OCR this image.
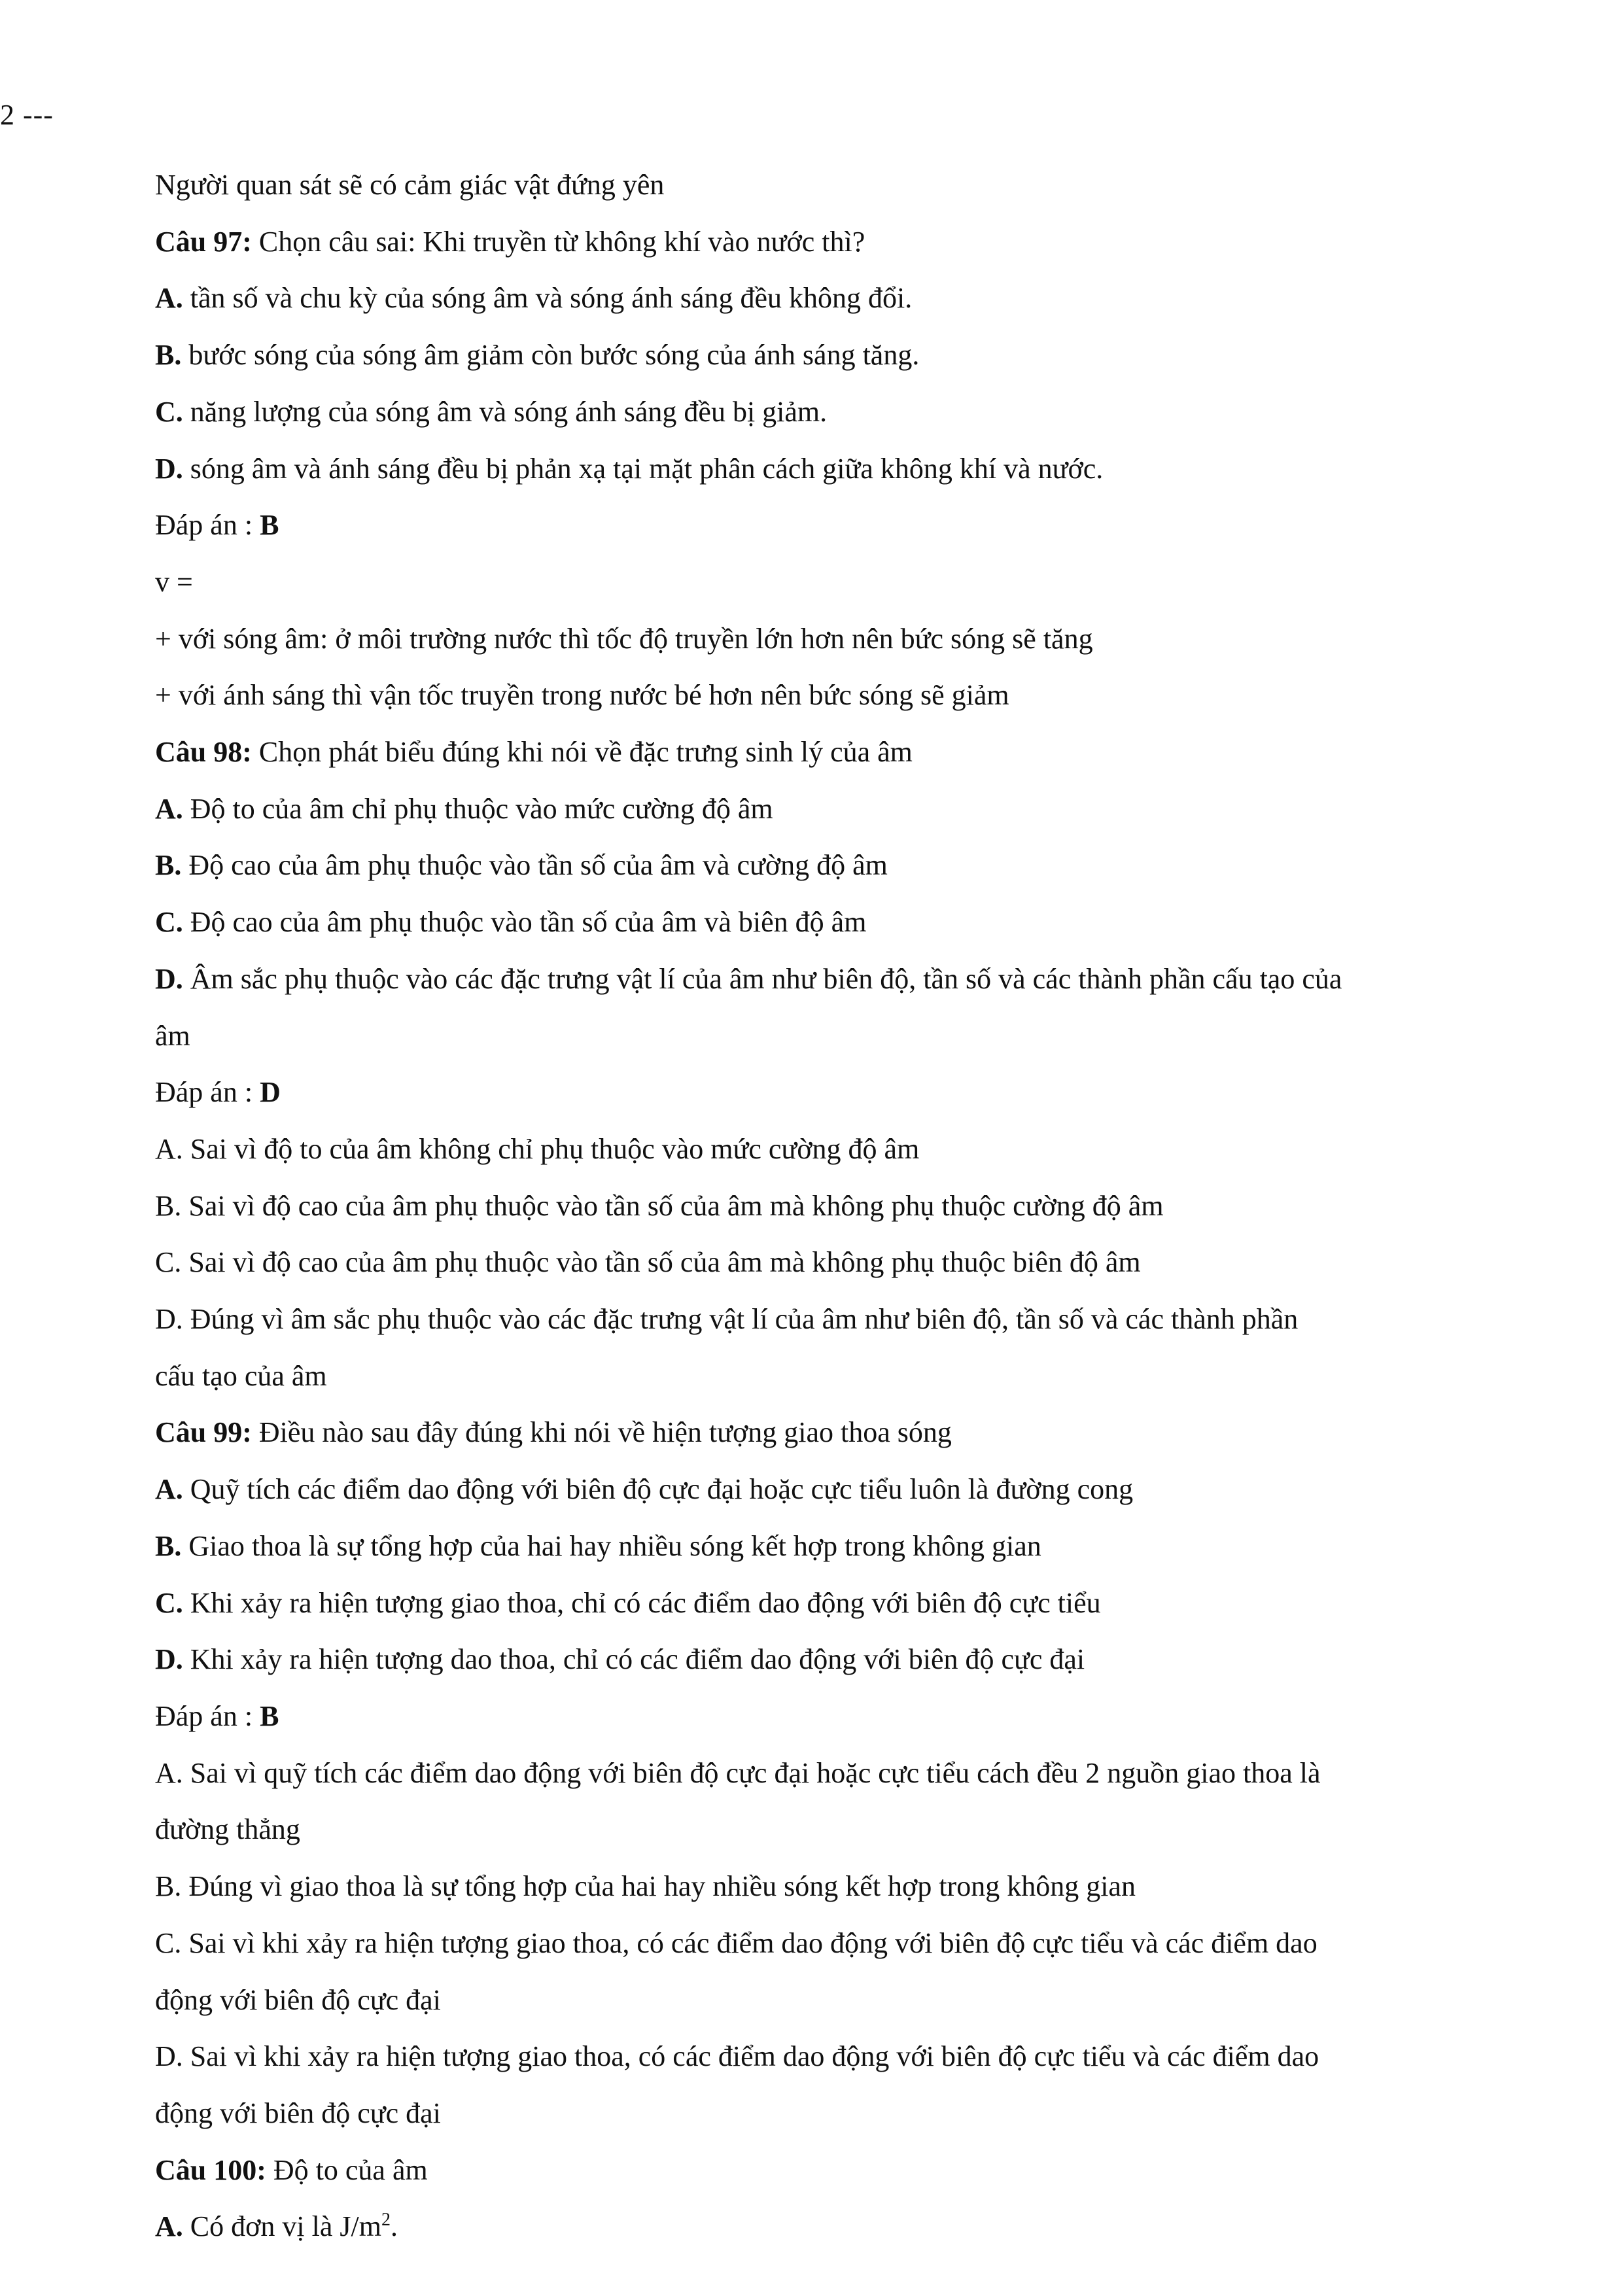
2 ---
Người quan sát sẽ có cảm giác vật đứng yên
Câu 97: Chọn câu sai: Khi truyền từ không khí vào nước thì?
A. tần số và chu kỳ của sóng âm và sóng ánh sáng đều không đổi.
B. bước sóng của sóng âm giảm còn bước sóng của ánh sáng tăng.
C. năng lượng của sóng âm và sóng ánh sáng đều bị giảm.
D. sóng âm và ánh sáng đều bị phản xạ tại mặt phân cách giữa không khí và nước.
Đáp án : B
v =
+ với sóng âm: ở môi trường nước thì tốc độ truyền lớn hơn nên bức sóng sẽ tăng
+ với ánh sáng thì vận tốc truyền trong nước bé hơn nên bức sóng sẽ giảm
Câu 98: Chọn phát biểu đúng khi nói về đặc trưng sinh lý của âm
A. Độ to của âm chỉ phụ thuộc vào mức cường độ âm
B. Độ cao của âm phụ thuộc vào tần số của âm và cường độ âm
C. Độ cao của âm phụ thuộc vào tần số của âm và biên độ âm
D. Âm sắc phụ thuộc vào các đặc trưng vật lí của âm như biên độ, tần số và các thành phần cấu tạo của
âm
Đáp án : D
A. Sai vì độ to của âm không chỉ phụ thuộc vào mức cường độ âm
B. Sai vì độ cao của âm phụ thuộc vào tần số của âm mà không phụ thuộc cường độ âm
C. Sai vì độ cao của âm phụ thuộc vào tần số của âm mà không phụ thuộc biên độ âm
D. Đúng vì âm sắc phụ thuộc vào các đặc trưng vật lí của âm như biên độ, tần số và các thành phần
cấu tạo của âm
Câu 99: Điều nào sau đây đúng khi nói về hiện tượng giao thoa sóng
A. Quỹ tích các điểm dao động với biên độ cực đại hoặc cực tiểu luôn là đường cong
B. Giao thoa là sự tổng hợp của hai hay nhiều sóng kết hợp trong không gian
C. Khi xảy ra hiện tượng giao thoa, chỉ có các điểm dao động với biên độ cực tiểu
D. Khi xảy ra hiện tượng dao thoa, chỉ có các điểm dao động với biên độ cực đại
Đáp án : B
A. Sai vì quỹ tích các điểm dao động với biên độ cực đại hoặc cực tiểu cách đều 2 nguồn giao thoa là
đường thẳng
B. Đúng vì giao thoa là sự tổng hợp của hai hay nhiều sóng kết hợp trong không gian
C. Sai vì khi xảy ra hiện tượng giao thoa, có các điểm dao động với biên độ cực tiểu và các điểm dao
động với biên độ cực đại
D. Sai vì khi xảy ra hiện tượng giao thoa, có các điểm dao động với biên độ cực tiểu và các điểm dao
động với biên độ cực đại
Câu 100: Độ to của âm
A. Có đơn vị là $J/m^2$.
